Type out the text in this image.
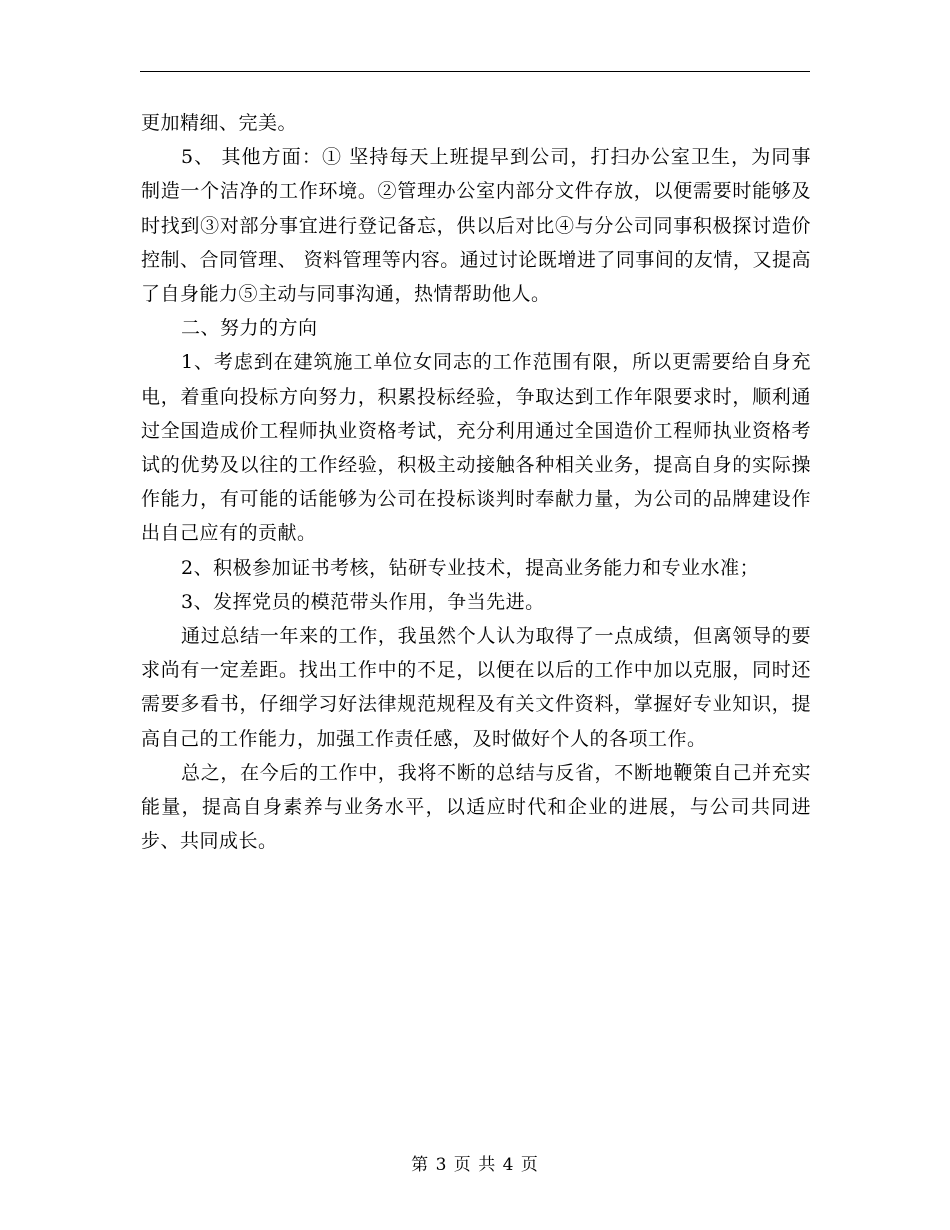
更加精细、完美。

5、 其他方面：① 坚持每天上班提早到公司，打扫办公室卫生，为同事制造一个洁净的工作环境。②管理办公室内部分文件存放，以便需要时能够及时找到③对部分事宜进行登记备忘，供以后对比④与分公司同事积极探讨造价控制、合同管理、 资料管理等内容。通过讨论既增进了同事间的友情，又提高了自身能力⑤主动与同事沟通，热情帮助他人。

二、努力的方向

1、考虑到在建筑施工单位女同志的工作范围有限，所以更需要给自身充电，着重向投标方向努力，积累投标经验，争取达到工作年限要求时，顺利通过全国造成价工程师执业资格考试，充分利用通过全国造价工程师执业资格考试的优势及以往的工作经验，积极主动接触各种相关业务，提高自身的实际操作能力，有可能的话能够为公司在投标谈判时奉献力量，为公司的品牌建设作出自己应有的贡献。

2、积极参加证书考核，钻研专业技术，提高业务能力和专业水准；

3、发挥党员的模范带头作用，争当先进。

通过总结一年来的工作，我虽然个人认为取得了一点成绩，但离领导的要求尚有一定差距。找出工作中的不足，以便在以后的工作中加以克服，同时还需要多看书，仔细学习好法律规范规程及有关文件资料，掌握好专业知识，提高自己的工作能力，加强工作责任感，及时做好个人的各项工作。

总之，在今后的工作中，我将不断的总结与反省，不断地鞭策自己并充实能量，提高自身素养与业务水平，以适应时代和企业的进展，与公司共同进步、共同成长。

第 3 页 共 4 页
